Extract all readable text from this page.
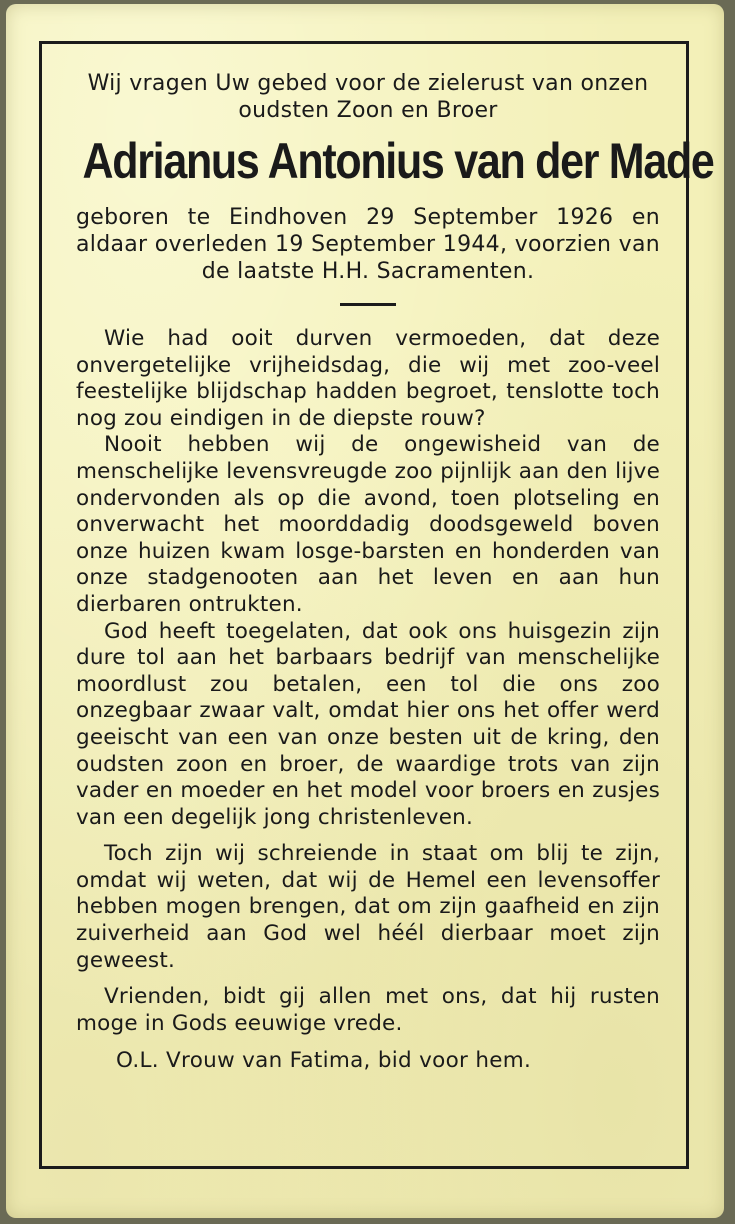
Wij vragen Uw gebed voor de zielerust van onzen oudsten Zoon en Broer

Adrianus Antonius van der Made

geboren te Eindhoven 29 September 1926 en aldaar overleden 19 September 1944, voorzien van de laatste H.H. Sacramenten.

Wie had ooit durven vermoeden, dat deze onvergetelijke vrijheidsdag, die wij met zoo-veel feestelijke blijdschap hadden begroet, tenslotte toch nog zou eindigen in de diepste rouw?

Nooit hebben wij de ongewisheid van de menschelijke levensvreugde zoo pijnlijk aan den lijve ondervonden als op die avond, toen plotseling en onverwacht het moorddadig doodsgeweld boven onze huizen kwam losge-barsten en honderden van onze stadgenooten aan het leven en aan hun dierbaren ontrukten.

God heeft toegelaten, dat ook ons huisgezin zijn dure tol aan het barbaars bedrijf van menschelijke moordlust zou betalen, een tol die ons zoo onzegbaar zwaar valt, omdat hier ons het offer werd geeischt van een van onze besten uit de kring, den oudsten zoon en broer, de waardige trots van zijn vader en moeder en het model voor broers en zusjes van een degelijk jong christenleven.

Toch zijn wij schreiende in staat om blij te zijn, omdat wij weten, dat wij de Hemel een levensoffer hebben mogen brengen, dat om zijn gaafheid en zijn zuiverheid aan God wel héél dierbaar moet zijn geweest.

Vrienden, bidt gij allen met ons, dat hij rusten moge in Gods eeuwige vrede.

O.L. Vrouw van Fatima, bid voor hem.
